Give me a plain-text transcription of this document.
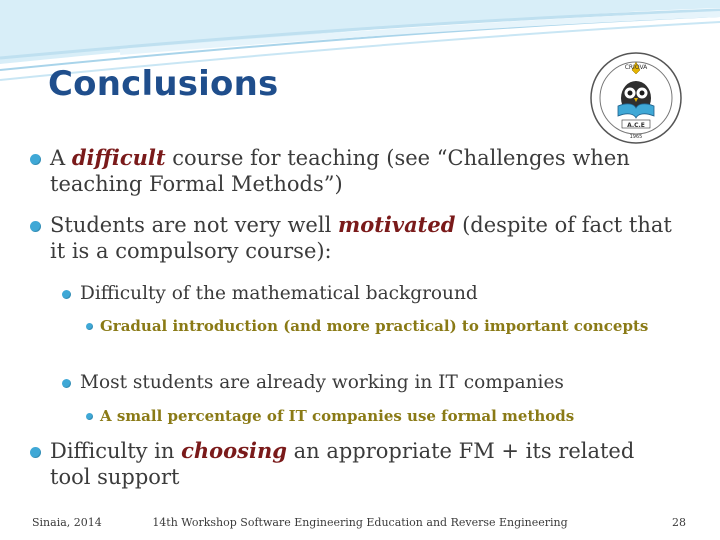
Conclusions
A.C.E
CRIOVA
1965

A difficult course for teaching (see “Challenges when teaching Formal Methods”)

Students are not very well motivated (despite of fact that it is a compulsory course):

Difficulty of the mathematical background

Gradual introduction (and more practical) to important concepts

Most students are already working in IT companies

A small percentage of IT companies use formal methods

Difficulty in choosing an appropriate FM + its related tool support

Sinaia, 2014	14th Workshop Software Engineering Education and Reverse Engineering	28
